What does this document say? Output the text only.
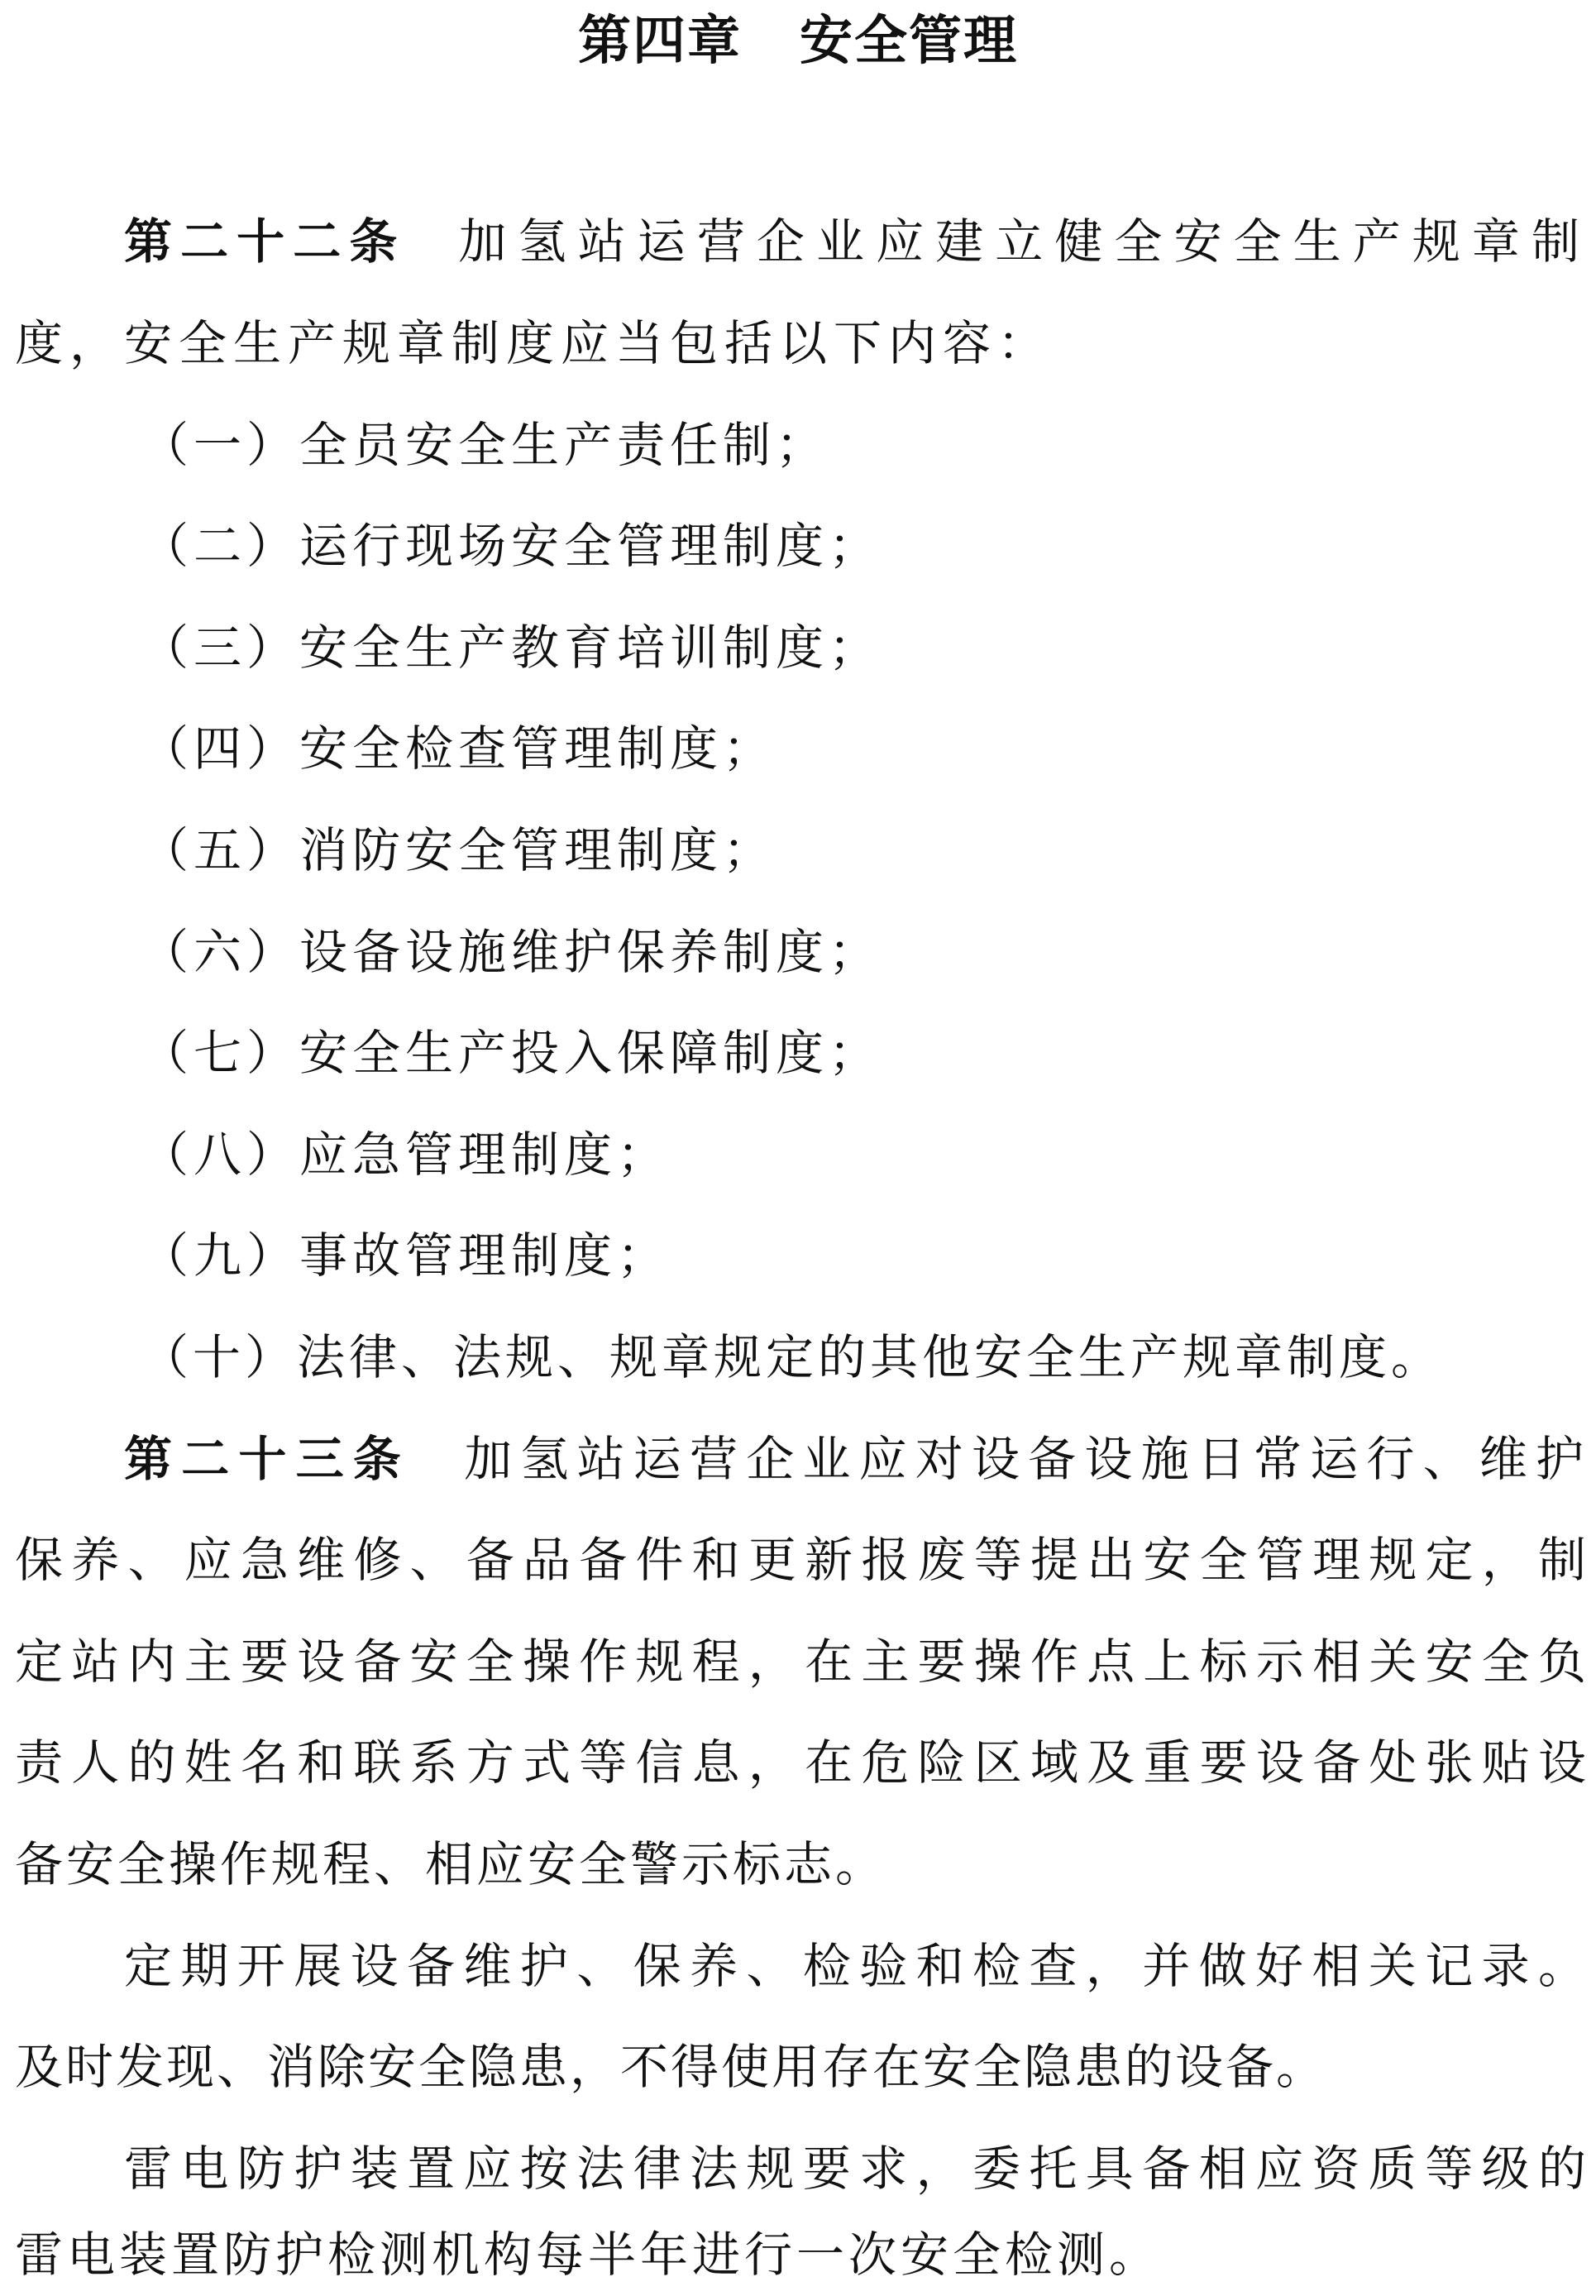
第四章 安全管理
第二十二条 加氢站运营企业应建立健全安全生产规章制
度，安全生产规章制度应当包括以下内容：
（一）全员安全生产责任制；
（二）运行现场安全管理制度；
（三）安全生产教育培训制度；
（四）安全检查管理制度；
（五）消防安全管理制度；
（六）设备设施维护保养制度；
（七）安全生产投入保障制度；
（八）应急管理制度；
（九）事故管理制度；
（十）法律、法规、规章规定的其他安全生产规章制度。
第二十三条 加氢站运营企业应对设备设施日常运行、维护
保养、应急维修、备品备件和更新报废等提出安全管理规定，制
定站内主要设备安全操作规程，在主要操作点上标示相关安全负
责人的姓名和联系方式等信息，在危险区域及重要设备处张贴设
备安全操作规程、相应安全警示标志。
定期开展设备维护、保养、检验和检查，并做好相关记录。
及时发现、消除安全隐患，不得使用存在安全隐患的设备。
雷电防护装置应按法律法规要求，委托具备相应资质等级的
雷电装置防护检测机构每半年进行一次安全检测。
